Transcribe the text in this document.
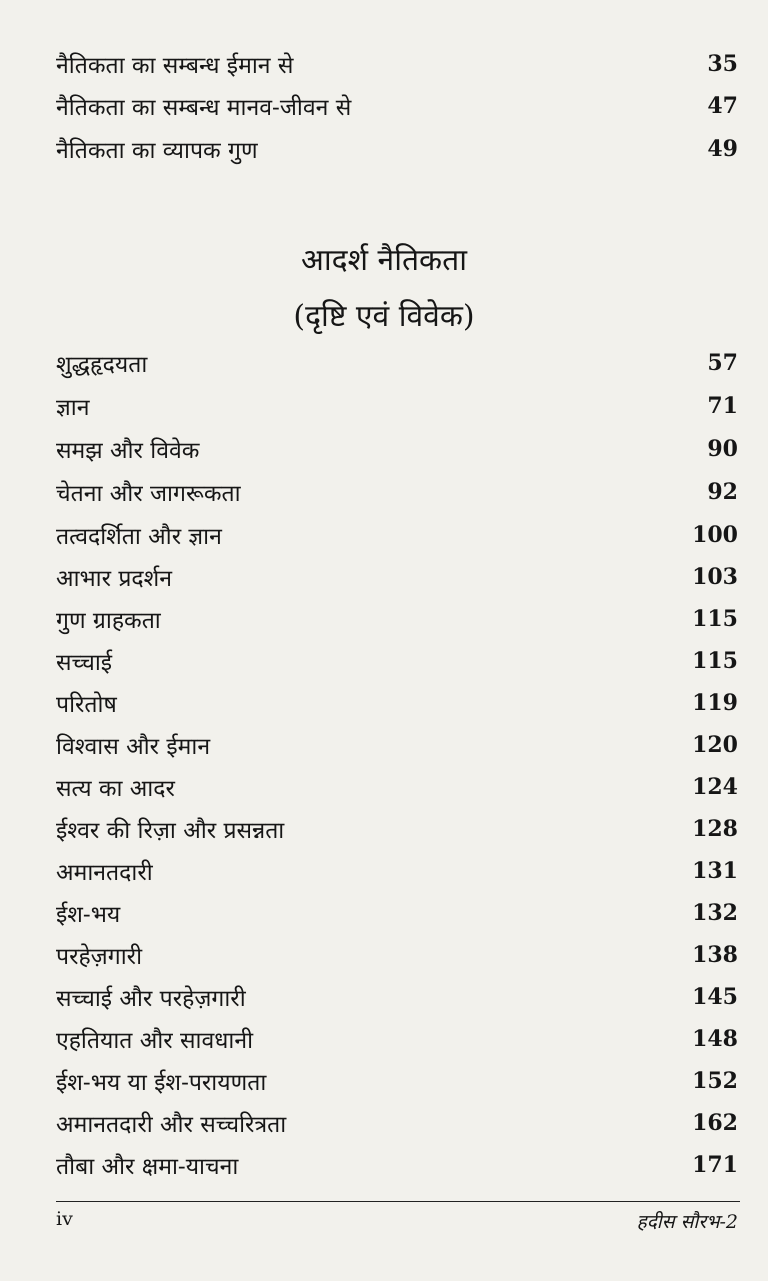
नैतिकता का सम्बन्ध ईमान से	35
नैतिकता का सम्बन्ध मानव-जीवन से	47
नैतिकता का व्यापक गुण	49
आदर्श नैतिकता
(दृष्टि एवं विवेक)
शुद्धहृदयता	57
ज्ञान	71
समझ और विवेक	90
चेतना और जागरूकता	92
तत्वदर्शिता और ज्ञान	100
आभार प्रदर्शन	103
गुण ग्राहकता	115
सच्चाई	115
परितोष	119
विश्वास और ईमान	120
सत्य का आदर	124
ईश्वर की रिज़ा और प्रसन्नता	128
अमानतदारी	131
ईश-भय	132
परहेज़गारी	138
सच्चाई और परहेज़गारी	145
एहतियात और सावधानी	148
ईश-भय या ईश-परायणता	152
अमानतदारी और सच्चरित्रता	162
तौबा और क्षमा-याचना	171
iv	हदीस सौरभ-2
